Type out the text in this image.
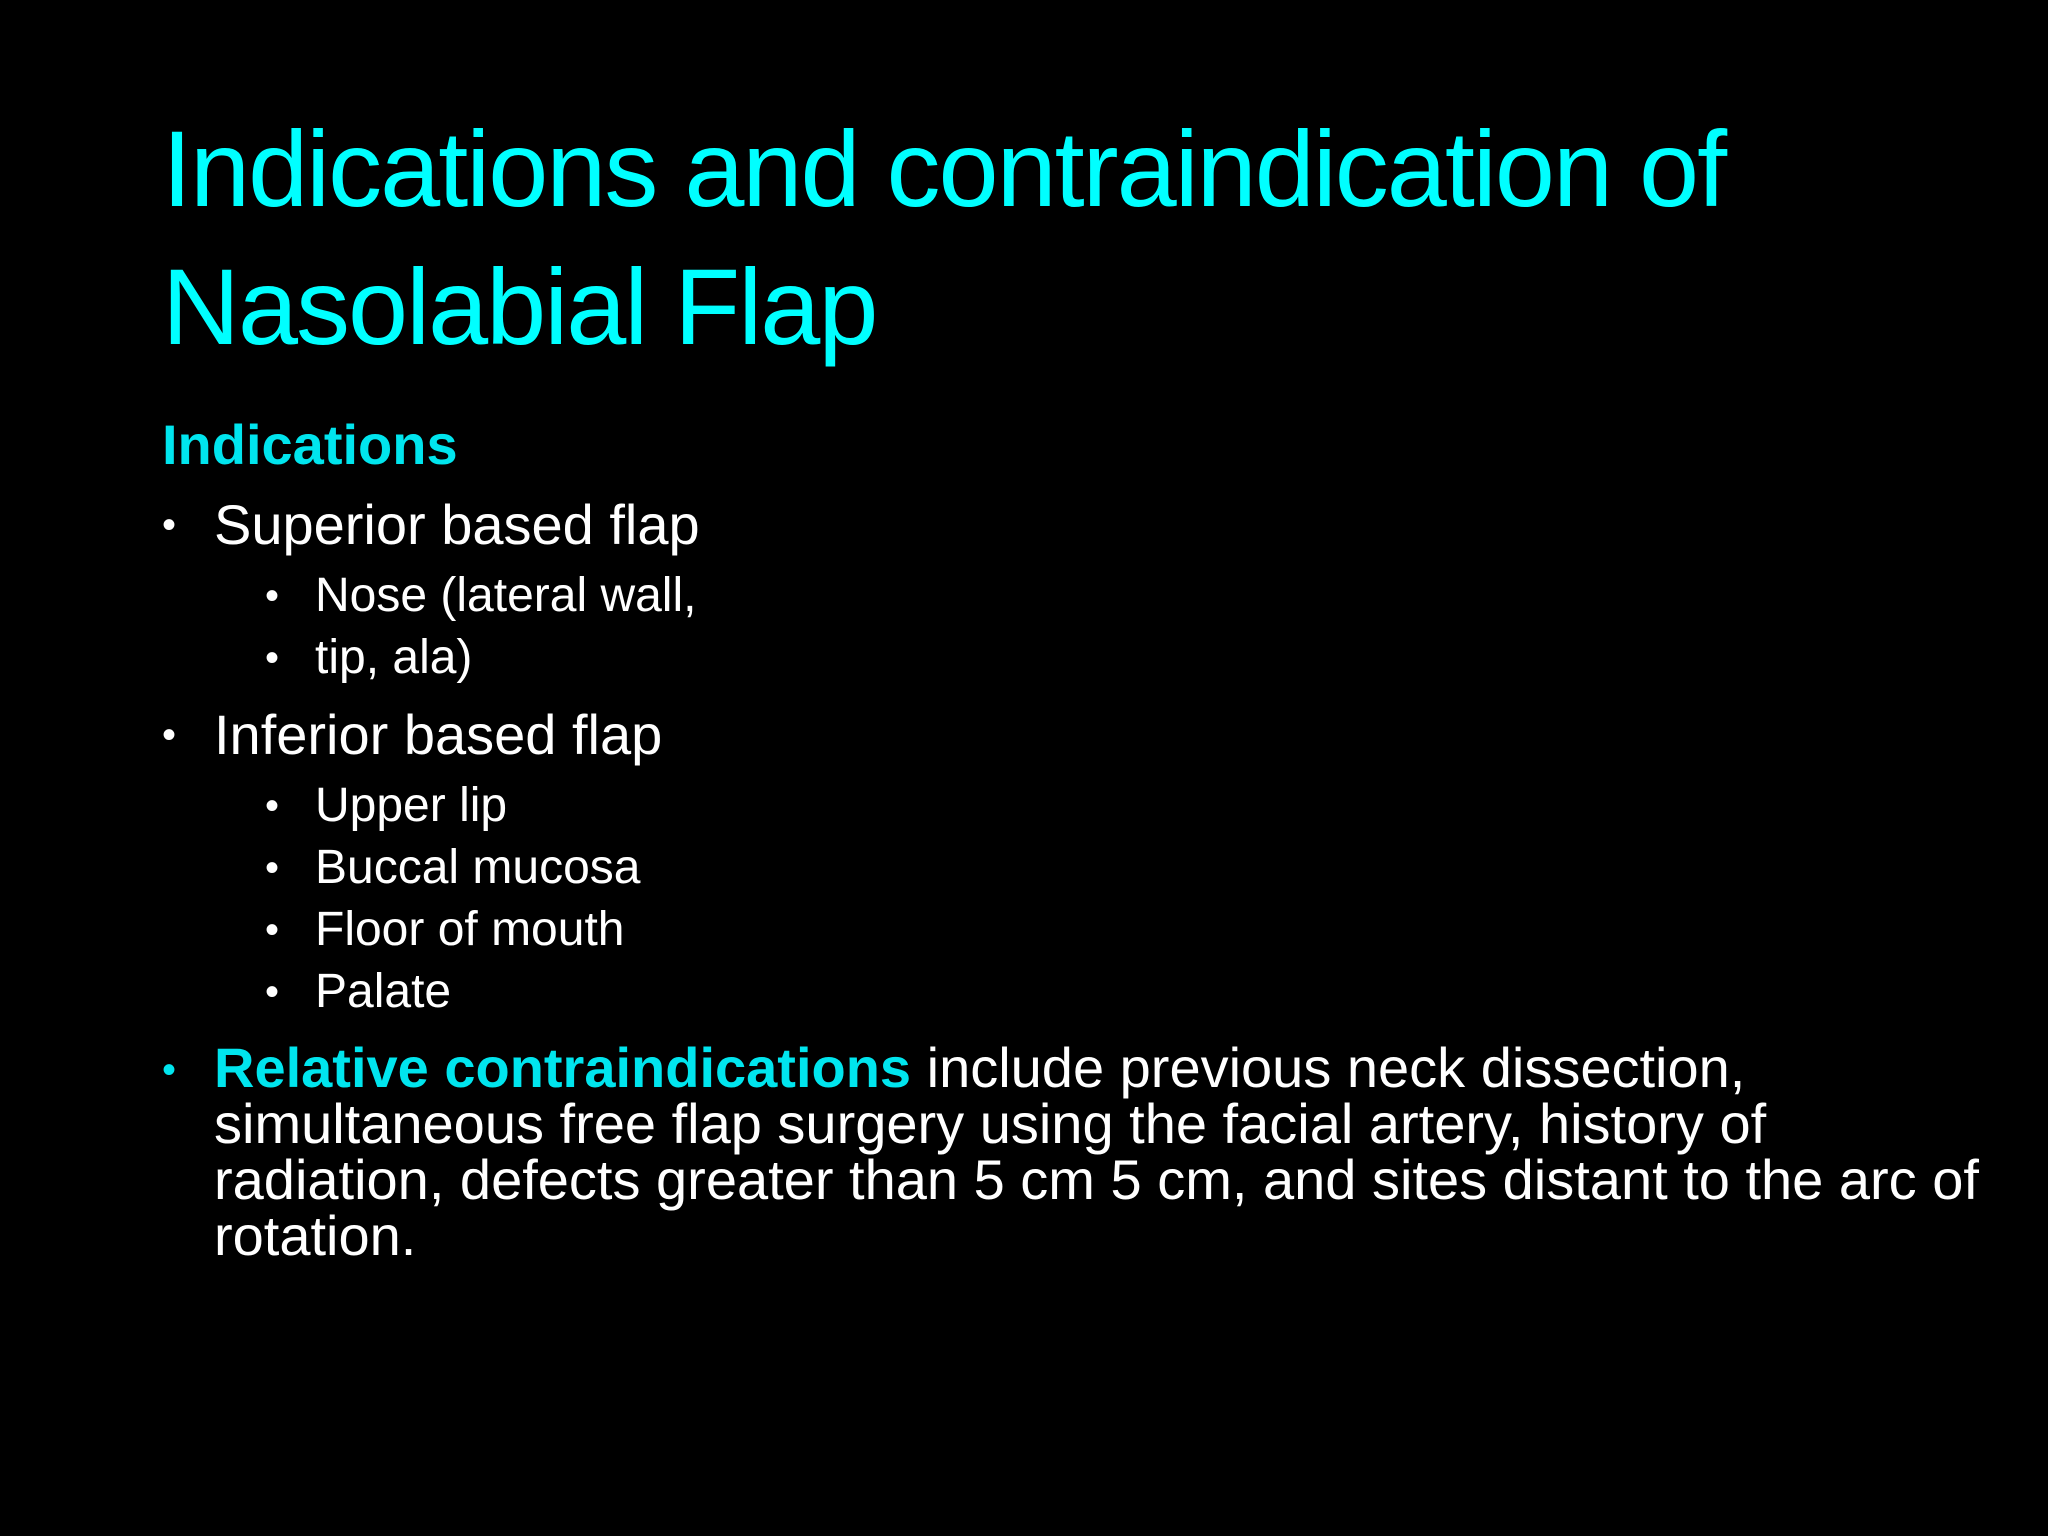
Indications and contraindication of Nasolabial Flap
Indications
• Superior based flap
• Nose (lateral wall,
• tip, ala)
• Inferior based flap
• Upper lip
• Buccal mucosa
• Floor of mouth
• Palate
• Relative contraindications include previous neck dissection, simultaneous free flap surgery using the facial artery, history of radiation, defects greater than 5 cm 5 cm, and sites distant to the arc of rotation.
